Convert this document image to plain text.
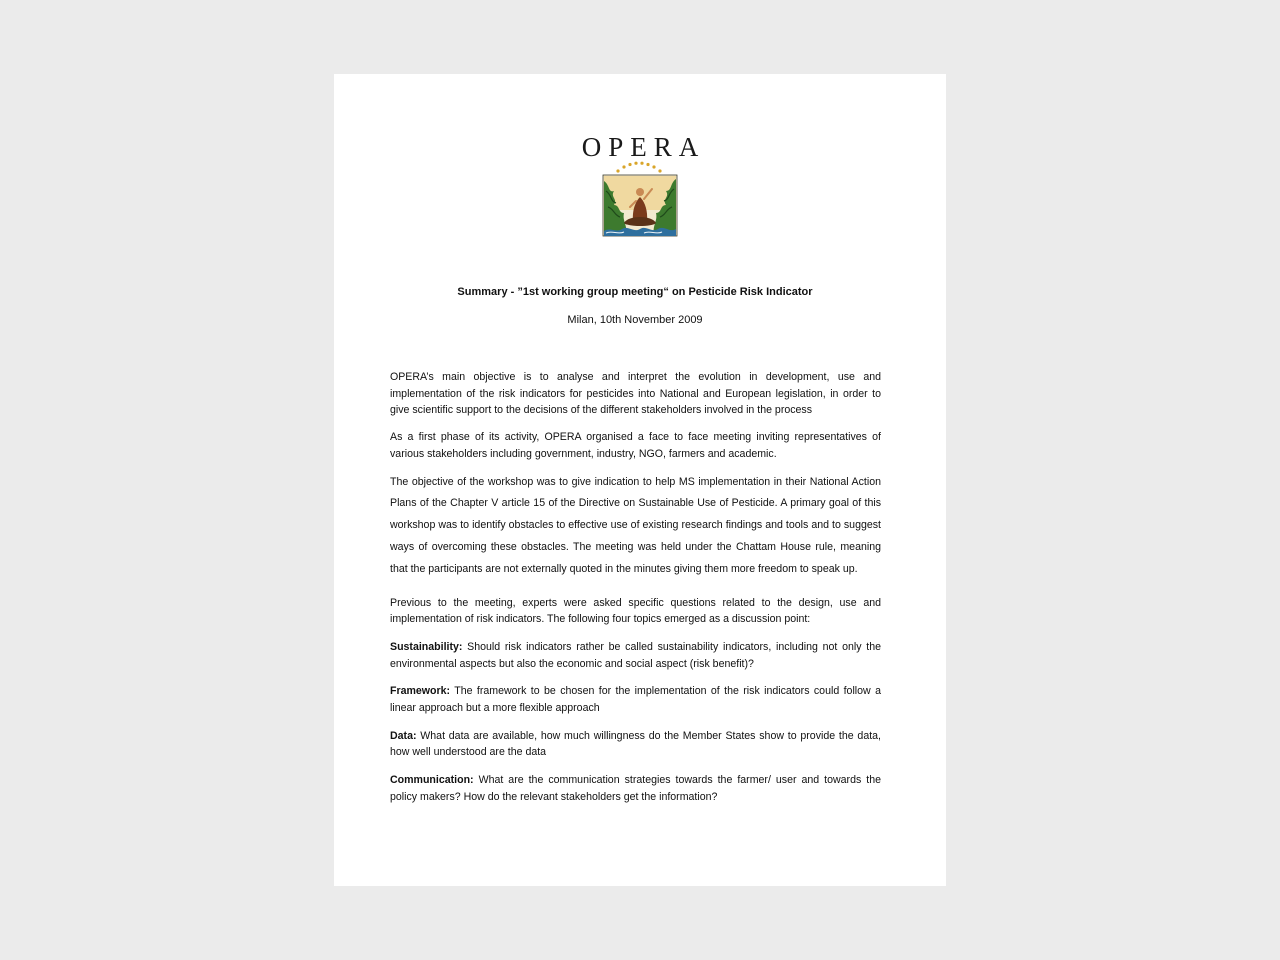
OPERA
Summary - ”1st working group meeting“ on Pesticide Risk Indicator
Milan, 10th November 2009

OPERA’s main objective is to analyse and interpret the evolution in development, use and implementation of the risk indicators for pesticides into National and European legislation, in order to give scientific support to the decisions of the different stakeholders involved in the process

As a first phase of its activity, OPERA organised a face to face meeting inviting representatives of various stakeholders including government, industry, NGO, farmers and academic.

The objective of the workshop was to give indication to help MS implementation in their National Action Plans of the Chapter V article 15 of the Directive on Sustainable Use of Pesticide. A primary goal of this workshop was to identify obstacles to effective use of existing research findings and tools and to suggest ways of overcoming these obstacles. The meeting was held under the Chattam House rule, meaning that the participants are not externally quoted in the minutes giving them more freedom to speak up.

Previous to the meeting, experts were asked specific questions related to the design, use and implementation of risk indicators. The following four topics emerged as a discussion point:

Sustainability: Should risk indicators rather be called sustainability indicators, including not only the environmental aspects but also the economic and social aspect (risk benefit)?

Framework: The framework to be chosen for the implementation of the risk indicators could follow a linear approach but a more flexible approach

Data: What data are available, how much willingness do the Member States show to provide the data, how well understood are the data

Communication: What are the communication strategies towards the farmer/ user and towards the policy makers? How do the relevant stakeholders get the information?
